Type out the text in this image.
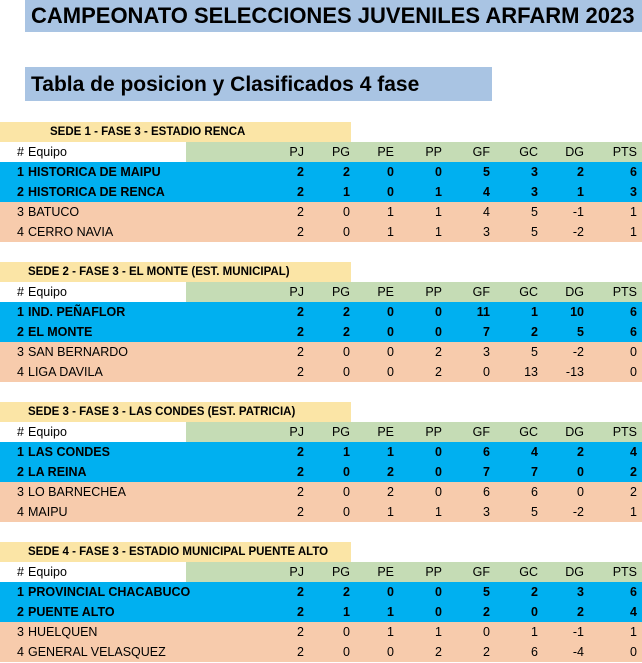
CAMPEONATO SELECCIONES JUVENILES ARFARM 2023
Tabla de posicion y Clasificados 4 fase
SEDE 1 - FASE 3 - ESTADIO RENCA
# Equipo	PJ	PG	PE	PP	GF	GC	DG	PTS
1 HISTORICA DE MAIPU	2	2	0	0	5	3	2	6
2 HISTORICA DE RENCA	2	1	0	1	4	3	1	3
3 BATUCO	2	0	1	1	4	5	-1	1
4 CERRO NAVIA	2	0	1	1	3	5	-2	1
SEDE 2 - FASE 3 - EL MONTE (EST. MUNICIPAL)
# Equipo	PJ	PG	PE	PP	GF	GC	DG	PTS
1 IND. PEÑAFLOR	2	2	0	0	11	1	10	6
2 EL MONTE	2	2	0	0	7	2	5	6
3 SAN BERNARDO	2	0	0	2	3	5	-2	0
4 LIGA DAVILA	2	0	0	2	0	13	-13	0
SEDE 3 - FASE 3 - LAS CONDES (EST. PATRICIA)
# Equipo	PJ	PG	PE	PP	GF	GC	DG	PTS
1 LAS CONDES	2	1	1	0	6	4	2	4
2 LA REINA	2	0	2	0	7	7	0	2
3 LO BARNECHEA	2	0	2	0	6	6	0	2
4 MAIPU	2	0	1	1	3	5	-2	1
SEDE 4 - FASE 3 - ESTADIO MUNICIPAL PUENTE ALTO
# Equipo	PJ	PG	PE	PP	GF	GC	DG	PTS
1 PROVINCIAL CHACABUCO	2	2	0	0	5	2	3	6
2 PUENTE ALTO	2	1	1	0	2	0	2	4
3 HUELQUEN	2	0	1	1	0	1	-1	1
4 GENERAL VELASQUEZ	2	0	0	2	2	6	-4	0
